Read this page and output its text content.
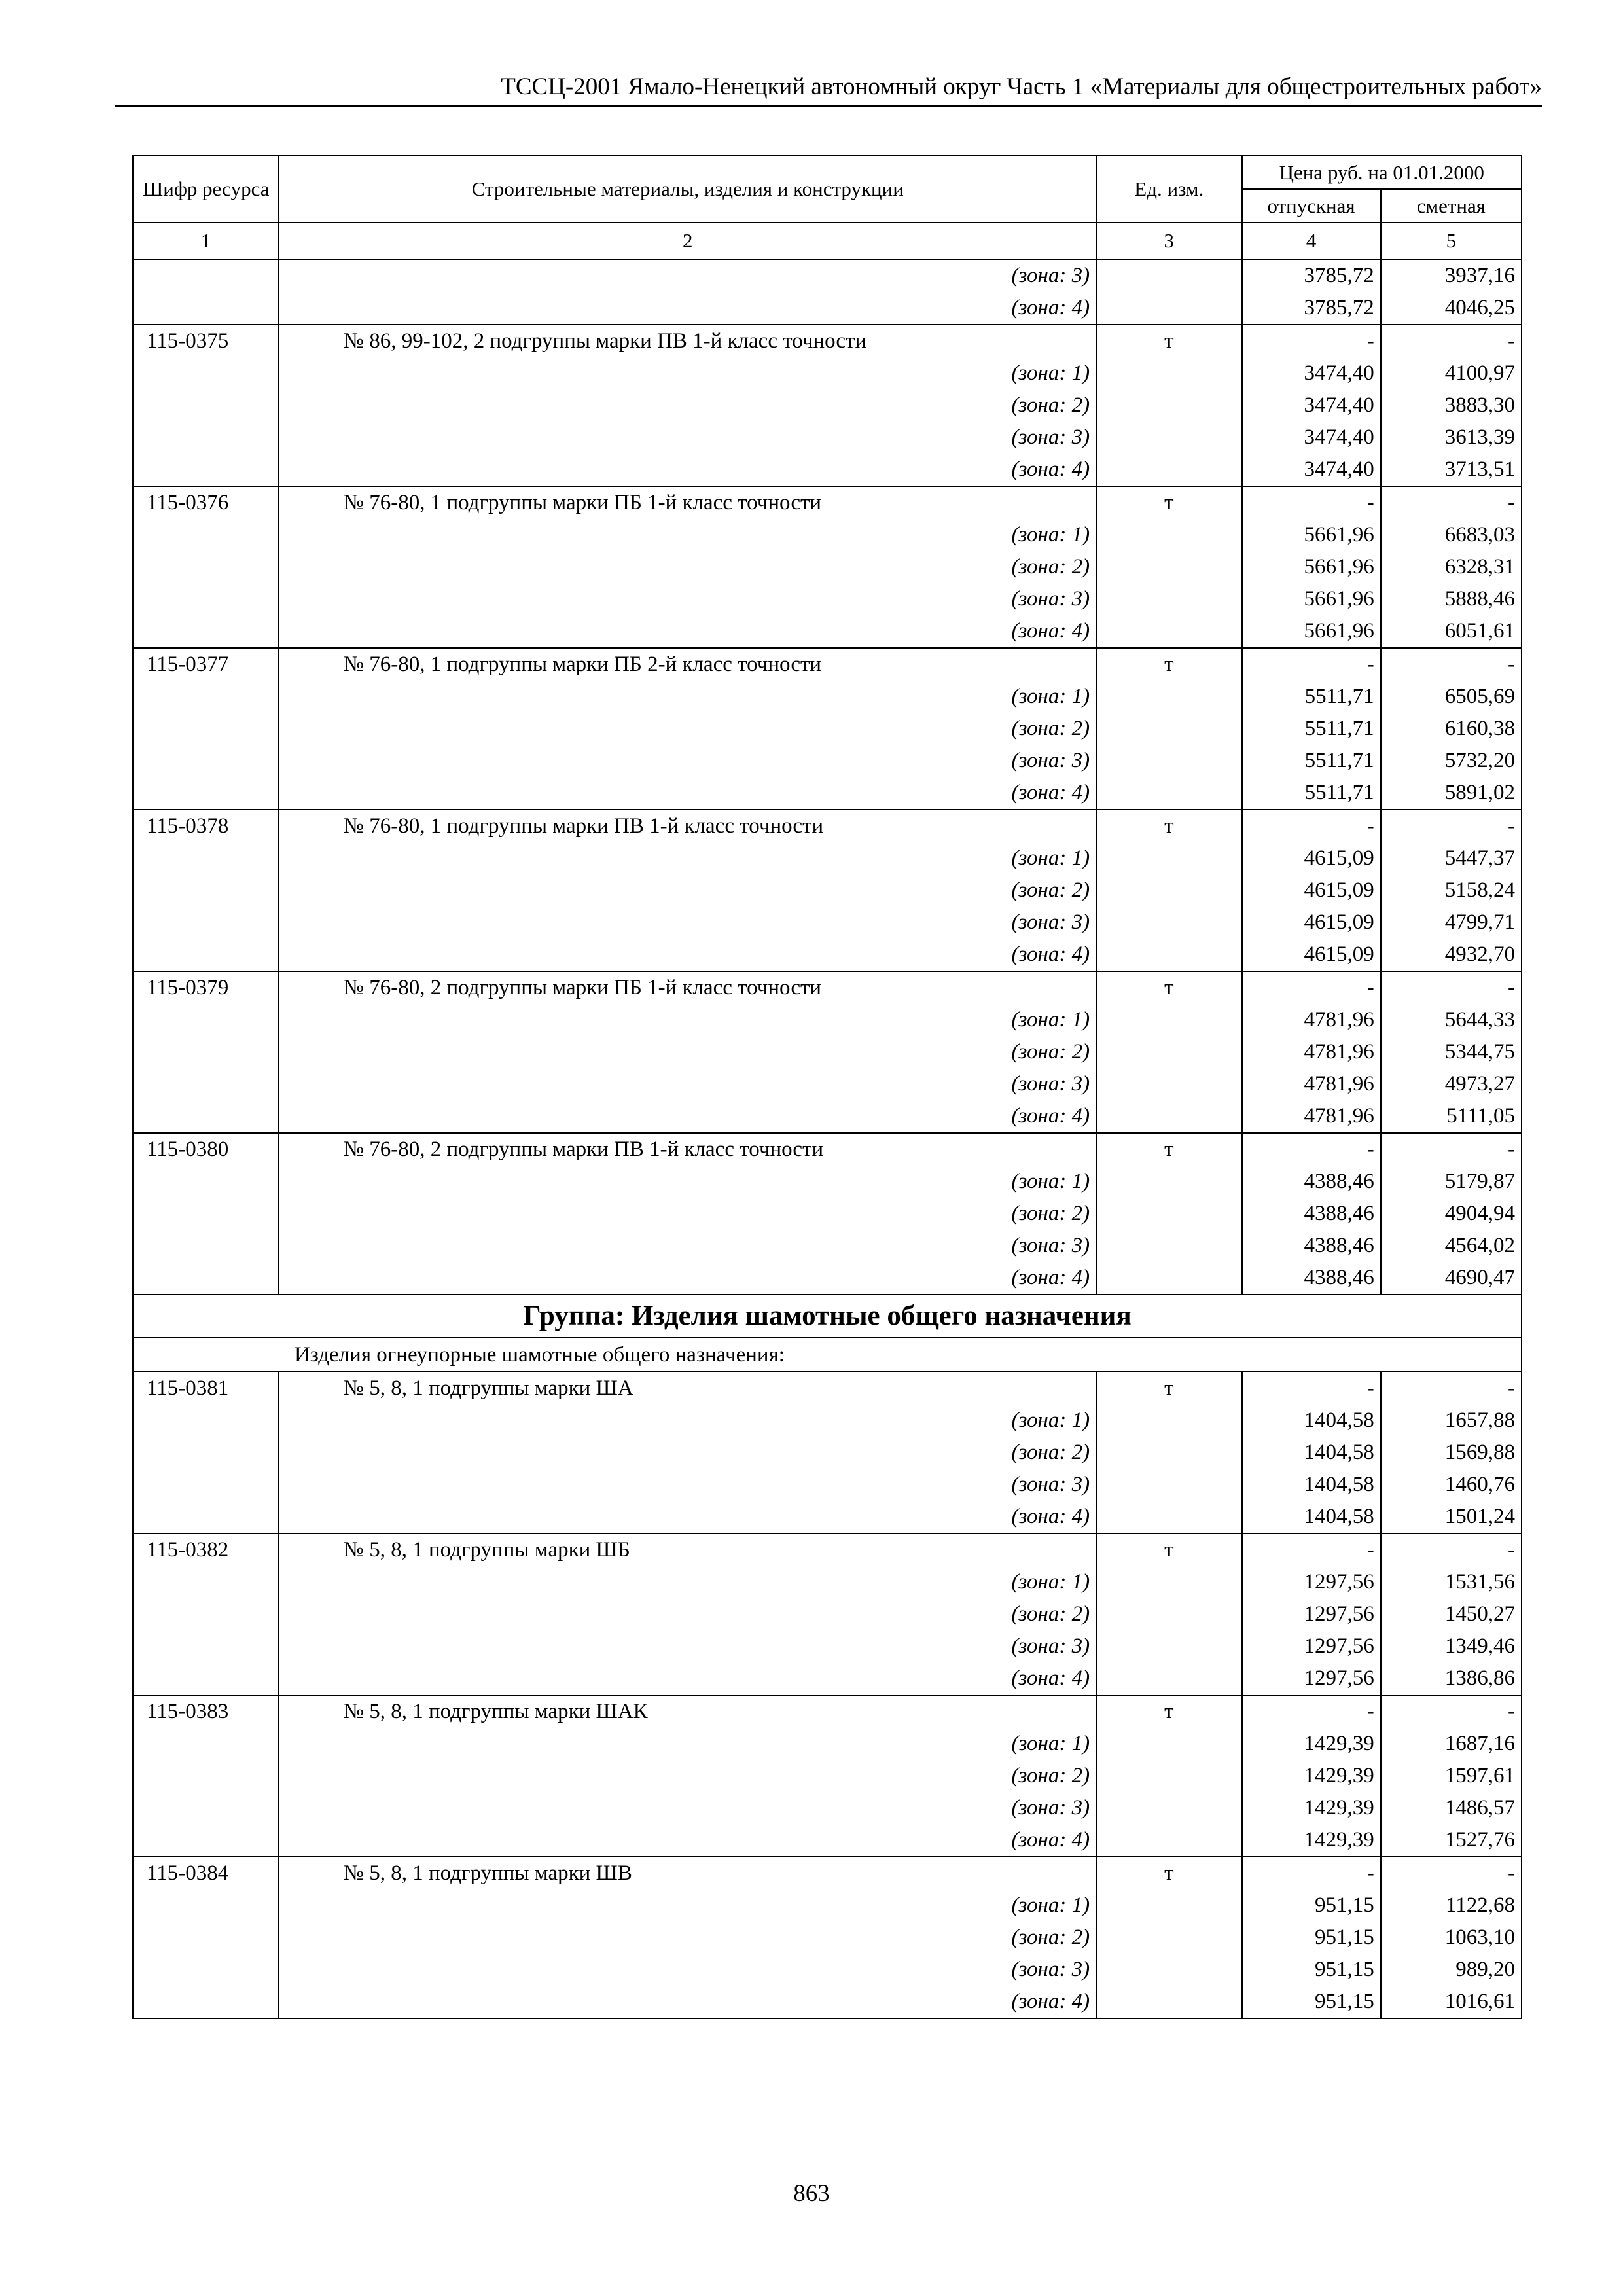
ТССЦ-2001 Ямало-Ненецкий автономный округ Часть 1 «Материалы для общестроительных работ»
Шифр ресурса	Строительные материалы, изделия и конструкции	Ед. изм.	Цена руб. на 01.01.2000	
			отпускная	сметная
1	2	3	4	5
	(зона: 3)		3785,72	3937,16
	(зона: 4)		3785,72	4046,25
115-0375	№ 86, 99-102, 2 подгруппы марки ПВ 1-й класс точности	т	-	-
	(зона: 1)		3474,40	4100,97
	(зона: 2)		3474,40	3883,30
	(зона: 3)		3474,40	3613,39
	(зона: 4)		3474,40	3713,51
115-0376	№ 76-80, 1 подгруппы марки ПБ 1-й класс точности	т	-	-
	(зона: 1)		5661,96	6683,03
	(зона: 2)		5661,96	6328,31
	(зона: 3)		5661,96	5888,46
	(зона: 4)		5661,96	6051,61
115-0377	№ 76-80, 1 подгруппы марки ПБ 2-й класс точности	т	-	-
	(зона: 1)		5511,71	6505,69
	(зона: 2)		5511,71	6160,38
	(зона: 3)		5511,71	5732,20
	(зона: 4)		5511,71	5891,02
115-0378	№ 76-80, 1 подгруппы марки ПВ 1-й класс точности	т	-	-
	(зона: 1)		4615,09	5447,37
	(зона: 2)		4615,09	5158,24
	(зона: 3)		4615,09	4799,71
	(зона: 4)		4615,09	4932,70
115-0379	№ 76-80, 2 подгруппы марки ПБ 1-й класс точности	т	-	-
	(зона: 1)		4781,96	5644,33
	(зона: 2)		4781,96	5344,75
	(зона: 3)		4781,96	4973,27
	(зона: 4)		4781,96	5111,05
115-0380	№ 76-80, 2 подгруппы марки ПВ 1-й класс точности	т	-	-
	(зона: 1)		4388,46	5179,87
	(зона: 2)		4388,46	4904,94
	(зона: 3)		4388,46	4564,02
	(зона: 4)		4388,46	4690,47
Группа: Изделия шамотные общего назначения				
Изделия огнеупорные шамотные общего назначения:				
115-0381	№ 5, 8, 1 подгруппы марки ША	т	-	-
	(зона: 1)		1404,58	1657,88
	(зона: 2)		1404,58	1569,88
	(зона: 3)		1404,58	1460,76
	(зона: 4)		1404,58	1501,24
115-0382	№ 5, 8, 1 подгруппы марки ШБ	т	-	-
	(зона: 1)		1297,56	1531,56
	(зона: 2)		1297,56	1450,27
	(зона: 3)		1297,56	1349,46
	(зона: 4)		1297,56	1386,86
115-0383	№ 5, 8, 1 подгруппы марки ШАК	т	-	-
	(зона: 1)		1429,39	1687,16
	(зона: 2)		1429,39	1597,61
	(зона: 3)		1429,39	1486,57
	(зона: 4)		1429,39	1527,76
115-0384	№ 5, 8, 1 подгруппы марки ШВ	т	-	-
	(зона: 1)		951,15	1122,68
	(зона: 2)		951,15	1063,10
	(зона: 3)		951,15	989,20
	(зона: 4)		951,15	1016,61
863
